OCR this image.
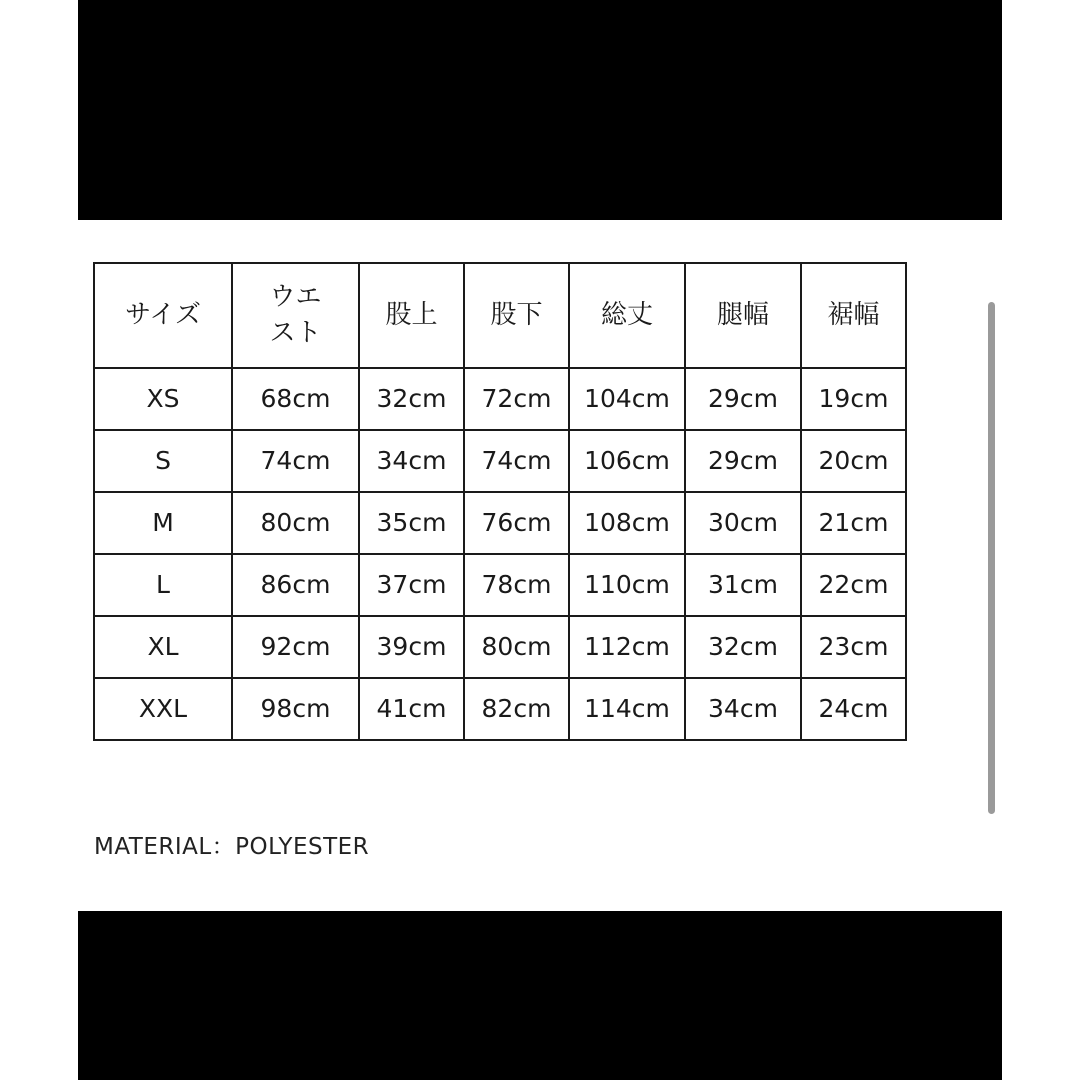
サイズ	ウエスト	股上	股下	総丈	腿幅	裾幅
XS	68cm	32cm	72cm	104cm	29cm	19cm
S	74cm	34cm	74cm	106cm	29cm	20cm
M	80cm	35cm	76cm	108cm	30cm	21cm
L	86cm	37cm	78cm	110cm	31cm	22cm
XL	92cm	39cm	80cm	112cm	32cm	23cm
XXL	98cm	41cm	82cm	114cm	34cm	24cm
MATERIAL：POLYESTER
